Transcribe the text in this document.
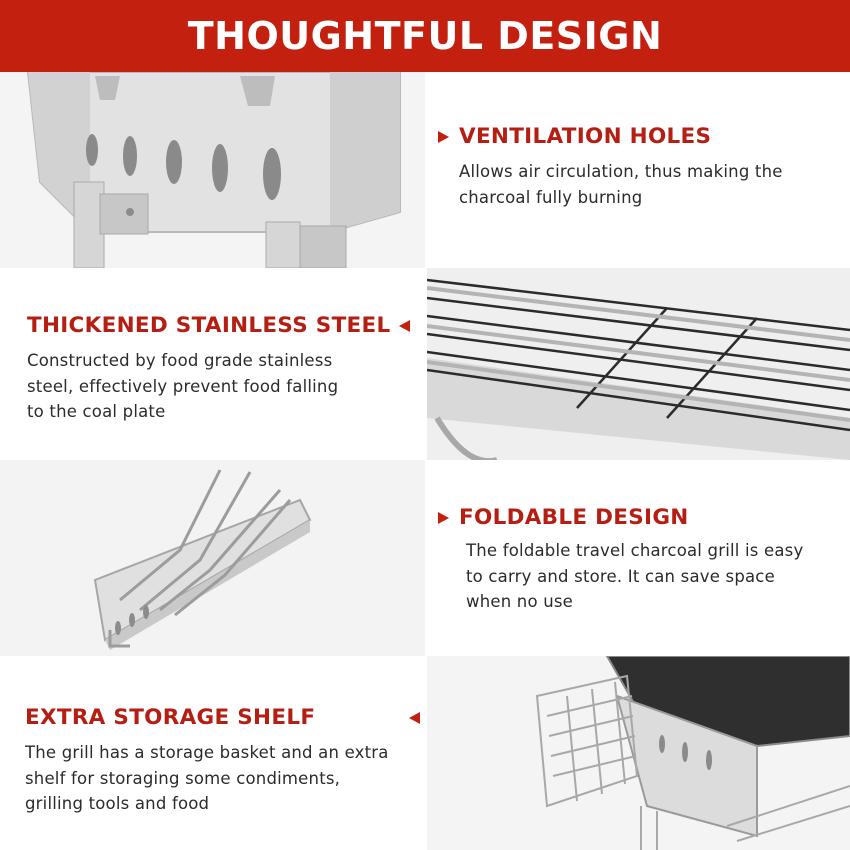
THOUGHTFUL DESIGN
VENTILATION HOLES
Allows air circulation, thus making the
charcoal fully burning
THICKENED STAINLESS STEEL
Constructed by food grade stainless
steel, effectively prevent food falling
to the coal plate
FOLDABLE DESIGN
The foldable travel charcoal grill is easy
to carry and store. It can save space
when no use
EXTRA STORAGE SHELF
The grill has a storage basket and an extra
shelf for storaging some condiments,
grilling tools and food
